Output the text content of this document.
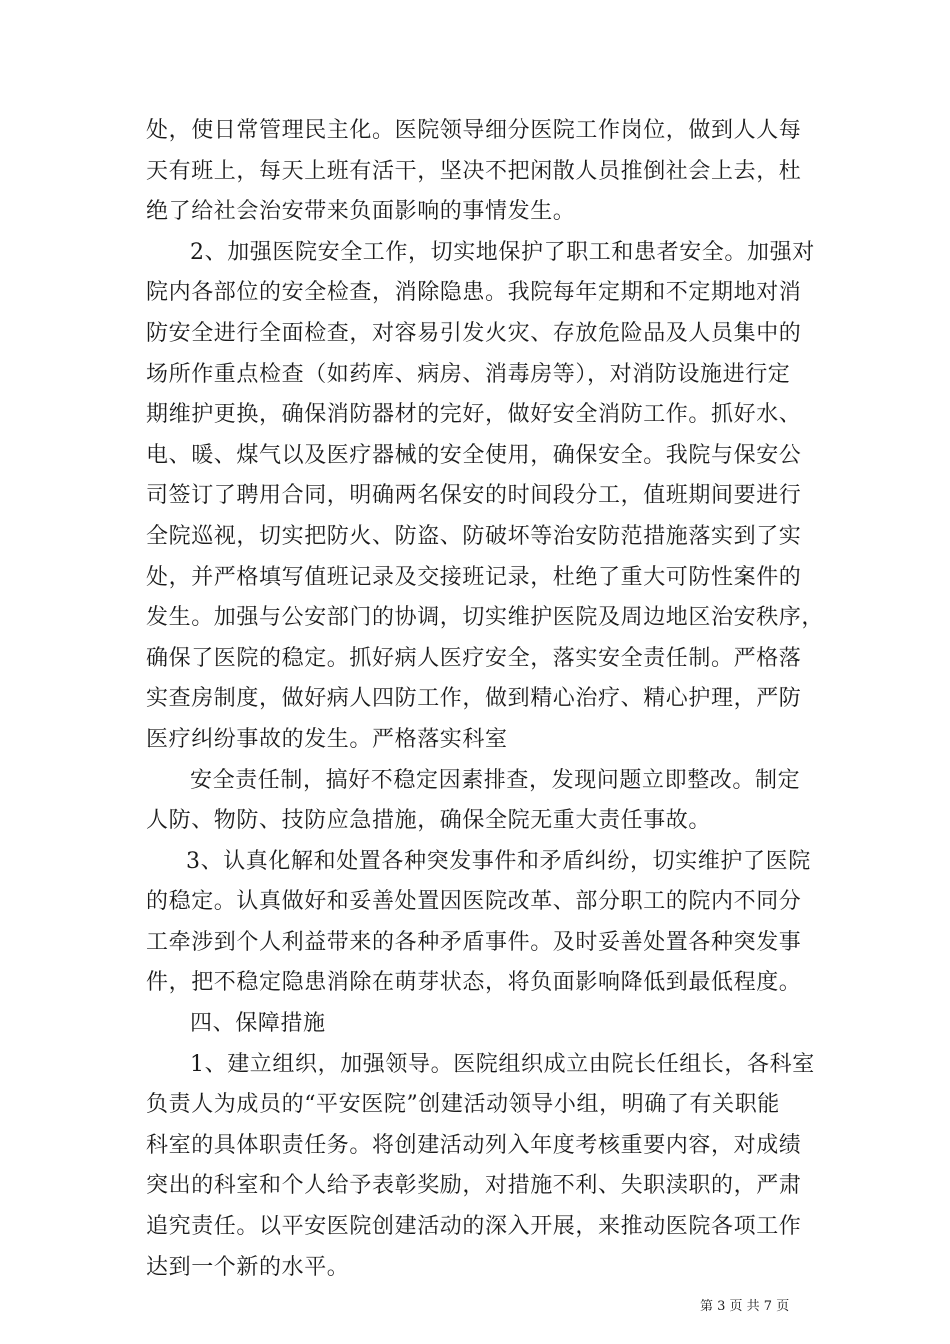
处，使日常管理民主化。医院领导细分医院工作岗位，做到人人每
天有班上，每天上班有活干，坚决不把闲散人员推倒社会上去，杜
绝了给社会治安带来负面影响的事情发生。
2、加强医院安全工作，切实地保护了职工和患者安全。加强对
院内各部位的安全检查，消除隐患。我院每年定期和不定期地对消
防安全进行全面检查，对容易引发火灾、存放危险品及人员集中的
场所作重点检查（如药库、病房、消毒房等），对消防设施进行定
期维护更换，确保消防器材的完好，做好安全消防工作。抓好水、
电、暖、煤气以及医疗器械的安全使用，确保安全。我院与保安公
司签订了聘用合同，明确两名保安的时间段分工，值班期间要进行
全院巡视，切实把防火、防盗、防破坏等治安防范措施落实到了实
处，并严格填写值班记录及交接班记录，杜绝了重大可防性案件的
发生。加强与公安部门的协调，切实维护医院及周边地区治安秩序，
确保了医院的稳定。抓好病人医疗安全，落实安全责任制。严格落
实查房制度，做好病人四防工作，做到精心治疗、精心护理，严防
医疗纠纷事故的发生。严格落实科室
安全责任制，搞好不稳定因素排查，发现问题立即整改。制定
人防、物防、技防应急措施，确保全院无重大责任事故。
3、认真化解和处置各种突发事件和矛盾纠纷，切实维护了医院
的稳定。认真做好和妥善处置因医院改革、部分职工的院内不同分
工牵涉到个人利益带来的各种矛盾事件。及时妥善处置各种突发事
件，把不稳定隐患消除在萌芽状态，将负面影响降低到最低程度。
四、保障措施
1、建立组织，加强领导。医院组织成立由院长任组长，各科室
负责人为成员的“平安医院”创建活动领导小组，明确了有关职能
科室的具体职责任务。将创建活动列入年度考核重要内容，对成绩
突出的科室和个人给予表彰奖励，对措施不利、失职渎职的，严肃
追究责任。以平安医院创建活动的深入开展，来推动医院各项工作
达到一个新的水平。
第 3 页 共 7 页
